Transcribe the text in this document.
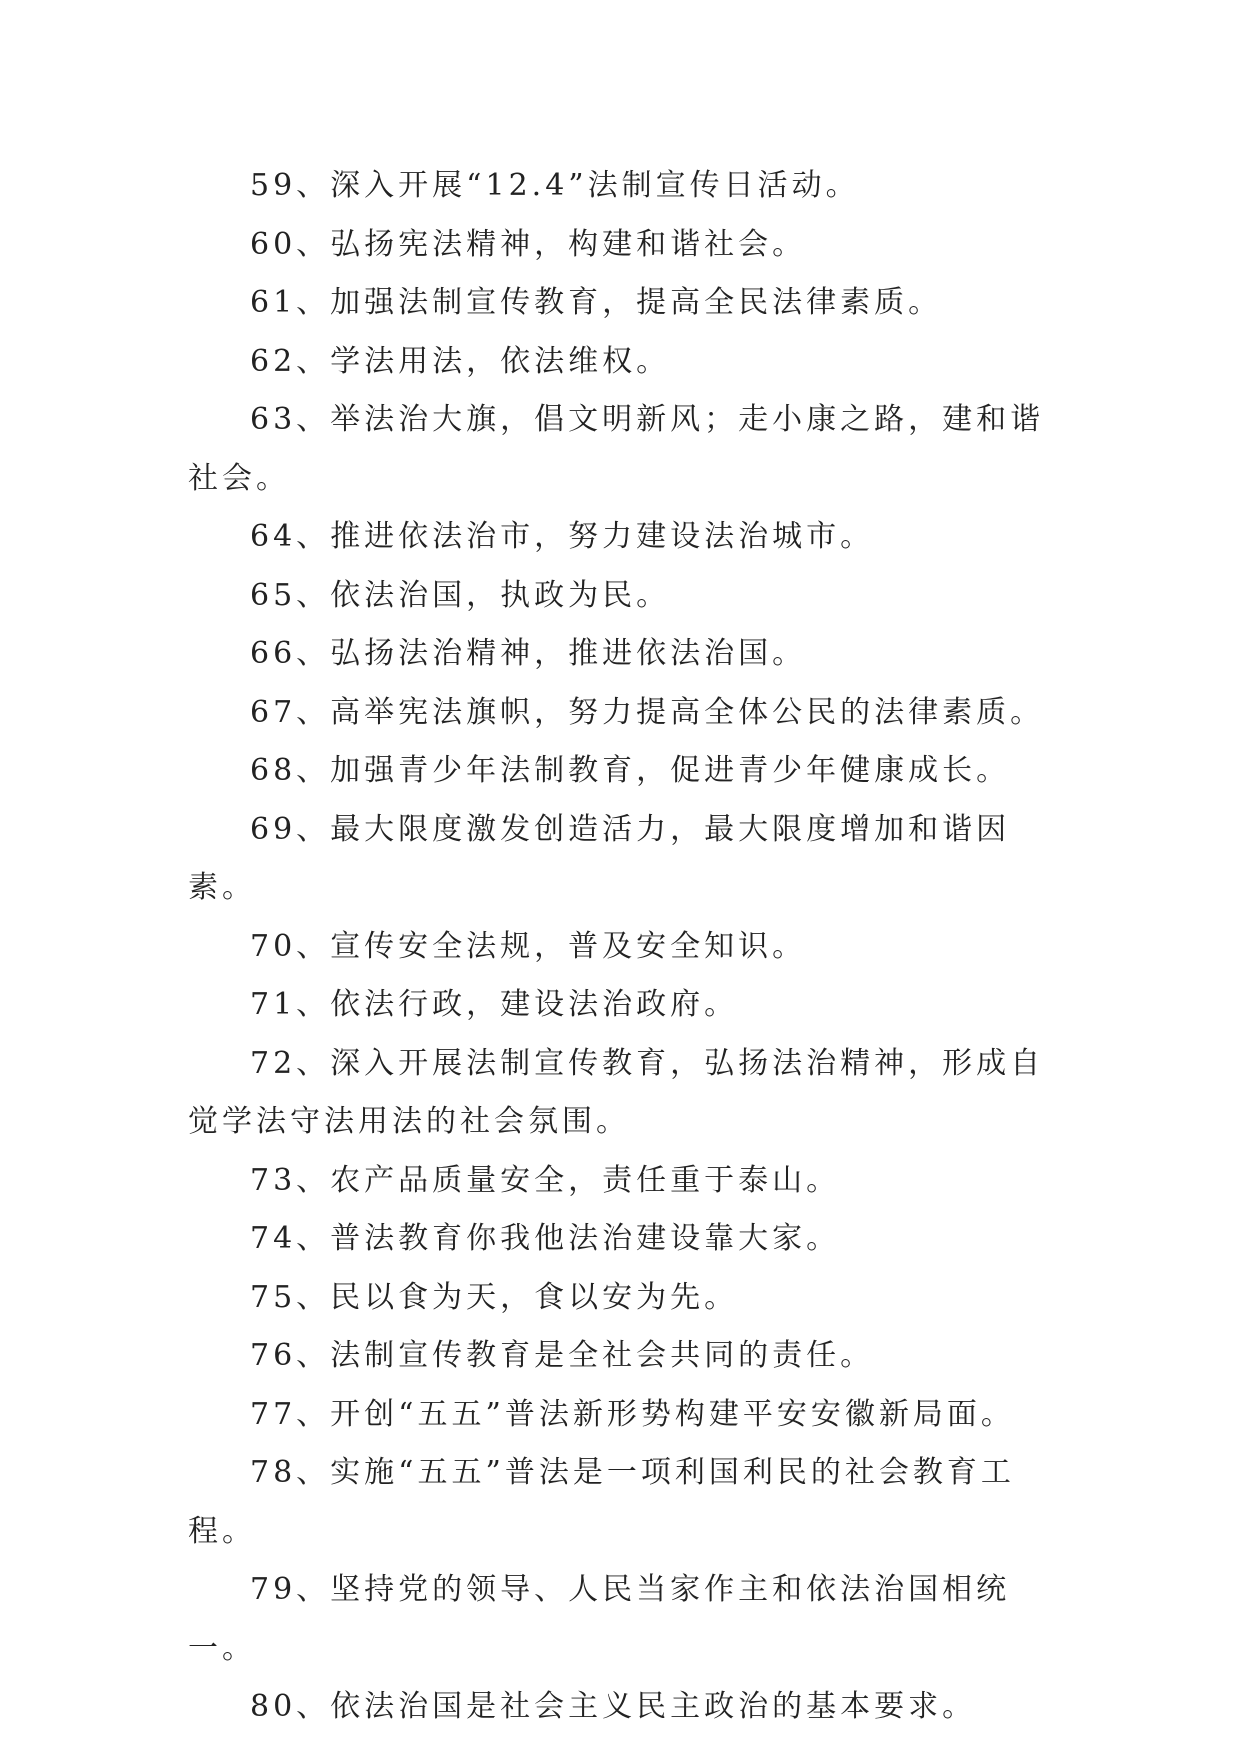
59、深入开展“12.4”法制宣传日活动。

60、弘扬宪法精神，构建和谐社会。

61、加强法制宣传教育，提高全民法律素质。

62、学法用法，依法维权。

63、举法治大旗，倡文明新风；走小康之路，建和谐社会。

64、推进依法治市，努力建设法治城市。

65、依法治国，执政为民。

66、弘扬法治精神，推进依法治国。

67、高举宪法旗帜，努力提高全体公民的法律素质。

68、加强青少年法制教育，促进青少年健康成长。

69、最大限度激发创造活力，最大限度增加和谐因素。

70、宣传安全法规，普及安全知识。

71、依法行政，建设法治政府。

72、深入开展法制宣传教育，弘扬法治精神，形成自觉学法守法用法的社会氛围。

73、农产品质量安全，责任重于泰山。

74、普法教育你我他法治建设靠大家。

75、民以食为天，食以安为先。

76、法制宣传教育是全社会共同的责任。

77、开创“五五”普法新形势构建平安安徽新局面。

78、实施“五五”普法是一项利国利民的社会教育工程。

79、坚持党的领导、人民当家作主和依法治国相统一。

80、依法治国是社会主义民主政治的基本要求。
